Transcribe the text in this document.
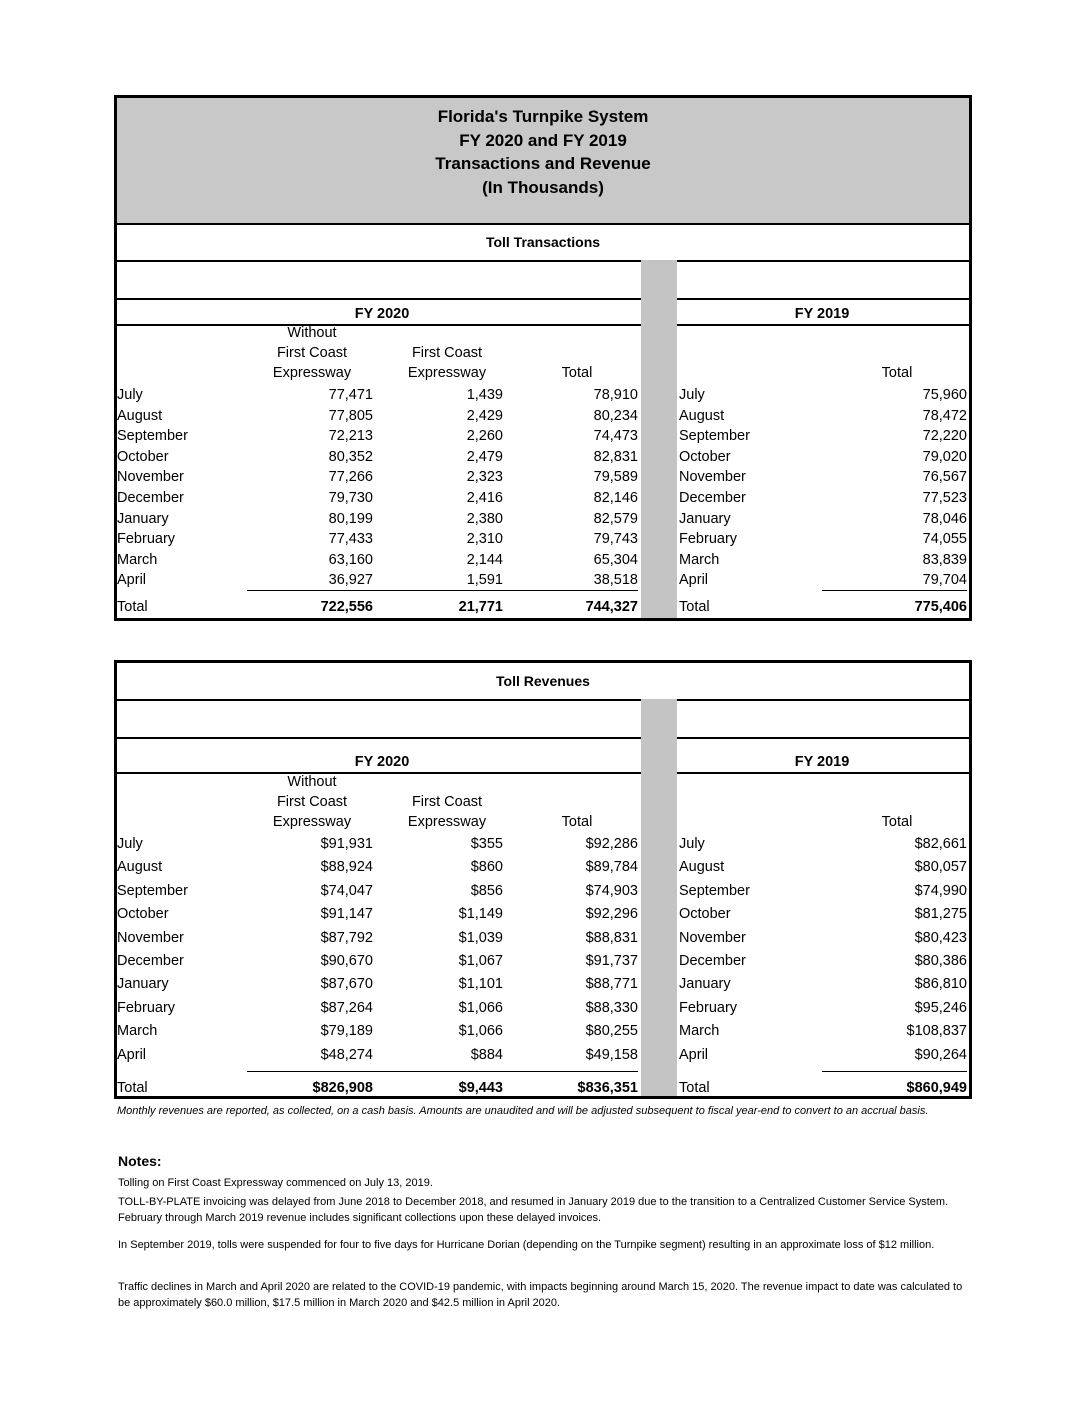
Florida's Turnpike System
FY 2020 and FY 2019
Transactions and Revenue
(In Thousands)
Toll Transactions
FY 2020	FY 2019
Without
First Coast
Expressway
First Coast
Expressway	Total	Total
July	77,471	1,439	78,910	July	75,960
August	77,805	2,429	80,234	August	78,472
September	72,213	2,260	74,473	September	72,220
October	80,352	2,479	82,831	October	79,020
November	77,266	2,323	79,589	November	76,567
December	79,730	2,416	82,146	December	77,523
January	80,199	2,380	82,579	January	78,046
February	77,433	2,310	79,743	February	74,055
March	63,160	2,144	65,304	March	83,839
April	36,927	1,591	38,518	April	79,704
Total	722,556	21,771	744,327	Total	775,406
Toll Revenues
FY 2020	FY 2019
Without
First Coast
Expressway
First Coast
Expressway	Total	Total
July	$91,931	$355	$92,286	July	$82,661
August	$88,924	$860	$89,784	August	$80,057
September	$74,047	$856	$74,903	September	$74,990
October	$91,147	$1,149	$92,296	October	$81,275
November	$87,792	$1,039	$88,831	November	$80,423
December	$90,670	$1,067	$91,737	December	$80,386
January	$87,670	$1,101	$88,771	January	$86,810
February	$87,264	$1,066	$88,330	February	$95,246
March	$79,189	$1,066	$80,255	March	$108,837
April	$48,274	$884	$49,158	April	$90,264
Total	$826,908	$9,443	$836,351	Total	$860,949
Monthly revenues are reported, as collected, on a cash basis. Amounts are unaudited and will be adjusted subsequent to fiscal year-end to convert to an accrual basis.
Notes:
Tolling on First Coast Expressway commenced on July 13, 2019.
TOLL-BY-PLATE invoicing was delayed from June 2018 to December 2018, and resumed in January 2019 due to the transition to a Centralized Customer Service System. February through March 2019 revenue includes significant collections upon these delayed invoices.
In September 2019, tolls were suspended for four to five days for Hurricane Dorian (depending on the Turnpike segment) resulting in an approximate loss of $12 million.
Traffic declines in March and April 2020 are related to the COVID-19 pandemic, with impacts beginning around March 15, 2020. The revenue impact to date was calculated to be approximately $60.0 million, $17.5 million in March 2020 and $42.5 million in April 2020.
